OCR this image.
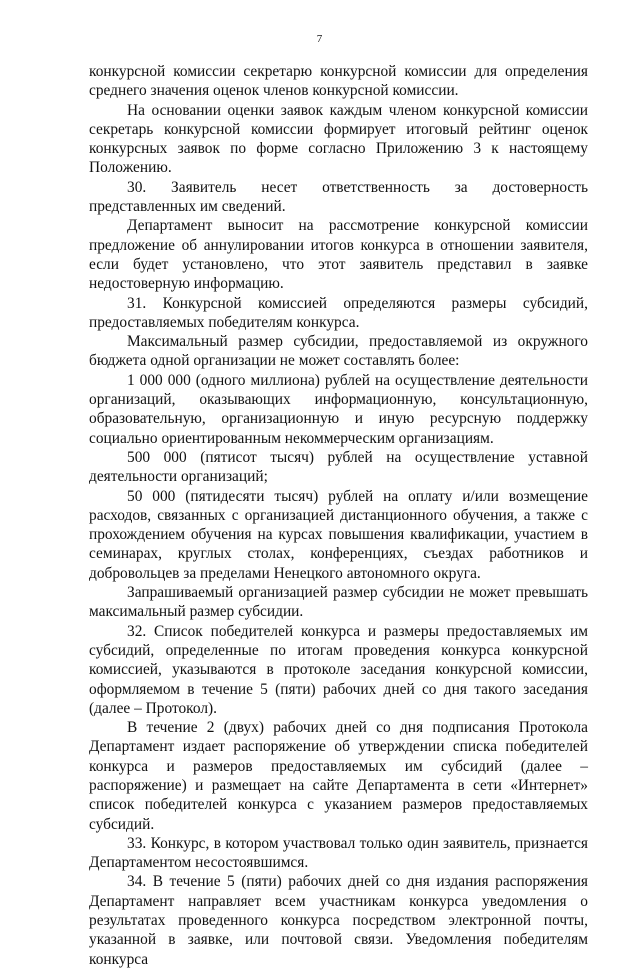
7

конкурсной комиссии секретарю конкурсной комиссии для определения среднего значения оценок членов конкурсной комиссии.

На основании оценки заявок каждым членом конкурсной комиссии секретарь конкурсной комиссии формирует итоговый рейтинг оценок конкурсных заявок по форме согласно Приложению 3 к настоящему Положению.

30. Заявитель несет ответственность за достоверность представленных им сведений.

Департамент выносит на рассмотрение конкурсной комиссии предложение об аннулировании итогов конкурса в отношении заявителя, если будет установлено, что этот заявитель представил в заявке недостоверную информацию.

31. Конкурсной комиссией определяются размеры субсидий, предоставляемых победителям конкурса.

Максимальный размер субсидии, предоставляемой из окружного бюджета одной организации не может составлять более:

1 000 000 (одного миллиона) рублей на осуществление деятельности организаций, оказывающих информационную, консультационную, образовательную, организационную и иную ресурсную поддержку социально ориентированным некоммерческим организациям.

500 000 (пятисот тысяч) рублей на осуществление уставной деятельности организаций;

50 000 (пятидесяти тысяч) рублей на оплату и/или возмещение расходов, связанных с организацией дистанционного обучения, а также с прохождением обучения на курсах повышения квалификации, участием в семинарах, круглых столах, конференциях, съездах работников и добровольцев за пределами Ненецкого автономного округа.

Запрашиваемый организацией размер субсидии не может превышать максимальный размер субсидии.

32. Список победителей конкурса и размеры предоставляемых им субсидий, определенные по итогам проведения конкурса конкурсной комиссией, указываются в протоколе заседания конкурсной комиссии, оформляемом в течение 5 (пяти) рабочих дней со дня такого заседания (далее – Протокол).

В течение 2 (двух) рабочих дней со дня подписания Протокола Департамент издает распоряжение об утверждении списка победителей конкурса и размеров предоставляемых им субсидий (далее – распоряжение) и размещает на сайте Департамента в сети «Интернет» список победителей конкурса с указанием размеров предоставляемых субсидий.

33. Конкурс, в котором участвовал только один заявитель, признается Департаментом несостоявшимся.

34. В течение 5 (пяти) рабочих дней со дня издания распоряжения Департамент направляет всем участникам конкурса уведомления о результатах проведенного конкурса посредством электронной почты, указанной в заявке, или почтовой связи. Уведомления победителям конкурса
